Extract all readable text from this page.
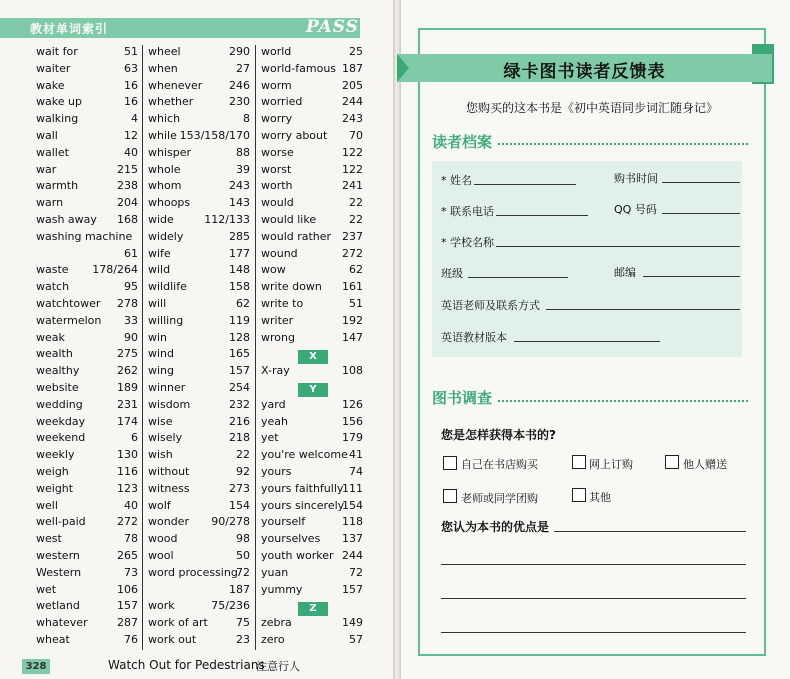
教材单词索引	PASS
wait for	51
waiter	63
wake	16
wake up	16
walking	4
wall	12
wallet	40
war	215
warmth	238
warn	204
wash away 168
washing machine
61
waste 178/264
watch	95
watchtower 278
watermelon 33
weak	90
wealth	275
wealthy	262
website	189
wedding	231
weekday	174
weekend	6
weekly	130
weigh	116
weight	123
well	40
well-paid	272
west	78
western	265
Western	73
wet	106
wetland	157
whatever	287
wheat	76
wheel	290
when	27
whenever 246
whether	230
which	8
while 153/158/170
whisper	88
whole	39
whom	243
whoops	143
wide	112/133
widely	285
wife	177
wild	148
wildlife	158
will	62
willing	119
win	128
wind	165
wing	157
winner	254
wisdom	232
wise	216
wisely	218
wish	22
without	92
witness	273
wolf	154
wonder 90/278
wood	98
wool	50
word processing
72
187
work	75/236
work of art	75
work out	23
world	25
world-famous 187
worm	205
worried	244
worry	243
worry about 70
worse	122
worst	122
worth	241
would	22
would like	22
would rather 237
wound	272
wow	62
write down 161
write to	51
writer	192
wrong	147
X-ray	108
yard	126
yeah	156
yet	179
you're welcome 41
yours	74
yours faithfully
111
yours sincerely
154
yourself	118
yourselves 137
youth worker 244
yuan	72
yummy	157
zebra	149
zero	57
X
Y
Z
328	Watch Out for Pedestrians
注意行人
绿卡图书读者反馈表
您购买的这本书是《初中英语同步词汇随身记》
读者档案
* 姓名	购书时间
* 联系电话	QQ 号码
* 学校名称
班级	邮编
英语老师及联系方式
英语教材版本
图书调查
您是怎样获得本书的?
自己在书店购买	网上订购	他人赠送
老师或同学团购	其他
您认为本书的优点是
